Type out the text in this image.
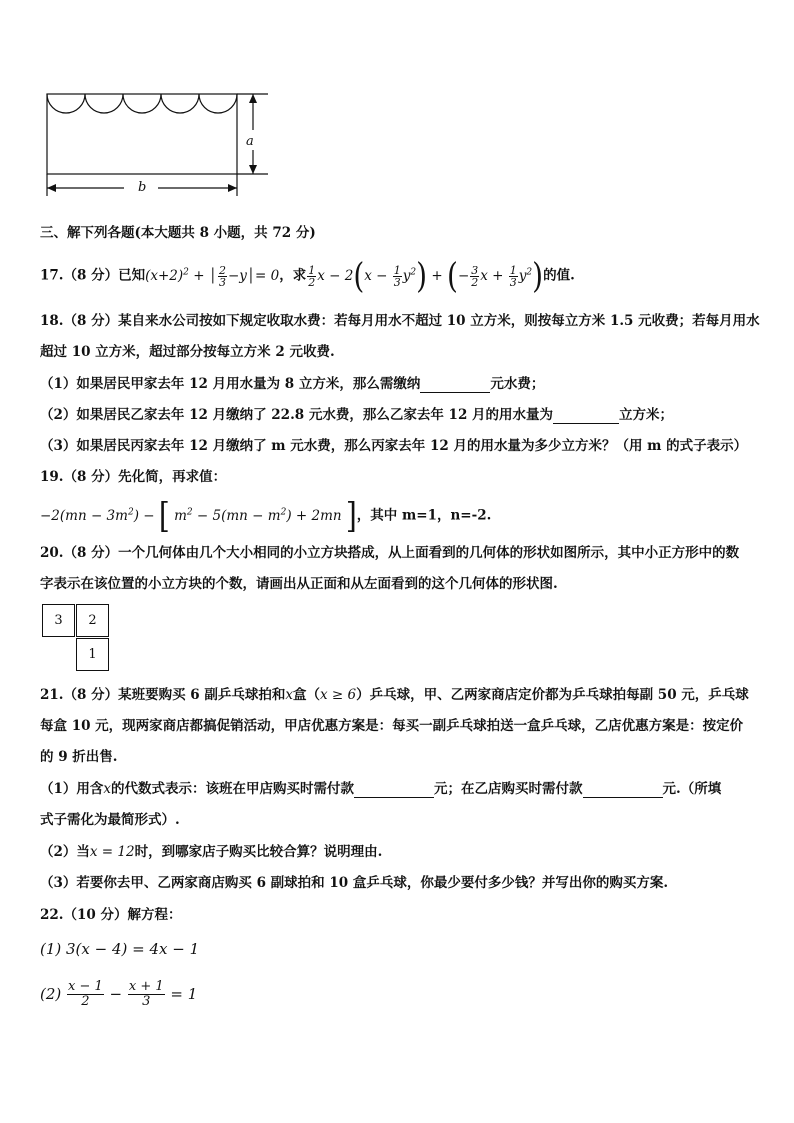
a
b
三、解下列各题(本大题共 8 小题，共 72 分)
17.（8 分）已知$(x+2)^2$ + │ $\frac{2}{3}$ −y│= 0，求 $\frac{1}{2}$ $x - 2(x - \frac{1}{3} y^2)$ + (− $\frac{3}{2}$ $x + \frac{1}{3} y^2$)的值.
18.（8 分）某自来水公司按如下规定收取水费：若每月用水不超过 10 立方米，则按每立方米 1.5 元收费；若每月用水
超过 10 立方米，超过部分按每立方米 2 元收费.
（1）如果居民甲家去年 12 月用水量为 8 立方米，那么需缴纳	元水费；
（2）如果居民乙家去年 12 月缴纳了 22.8 元水费，那么乙家去年 12 月的用水量为	立方米；
（3）如果居民丙家去年 12 月缴纳了 m 元水费，那么丙家去年 12 月的用水量为多少立方米？（用 m 的式子表示）
19.（8 分）先化简，再求值：
$-2(mn - 3m^2)$ − [ $m^2 - 5(mn - m^2) + 2mn$ ]，其中 m=1，n=-2.
20.（8 分）一个几何体由几个大小相同的小立方块搭成，从上面看到的几何体的形状如图所示，其中小正方形中的数
字表示在该位置的小立方块的个数，请画出从正面和从左面看到的这个几何体的形状图.
3	2
1
21.（8 分）某班要购买 6 副乒乓球拍和x盒（x ≥ 6）乒乓球，甲、乙两家商店定价都为乒乓球拍每副 50 元，乒乓球
每盒 10 元，现两家商店都搞促销活动，甲店优惠方案是：每买一副乒乓球拍送一盒乒乓球，乙店优惠方案是：按定价
的 9 折出售.
（1）用含x的代数式表示：该班在甲店购买时需付款	元；在乙店购买时需付款	元.（所填
式子需化为最简形式）.
（2）当x = 12时，到哪家店子购买比较合算？说明理由.
（3）若要你去甲、乙两家商店购买 6 副球拍和 10 盒乒乓球，你最少要付多少钱？并写出你的购买方案.
22.（10 分）解方程：
(1) 3(x − 4) = 4x − 1
$(2) \frac{x - 1}{2} - \frac{x + 1}{3} = 1$
